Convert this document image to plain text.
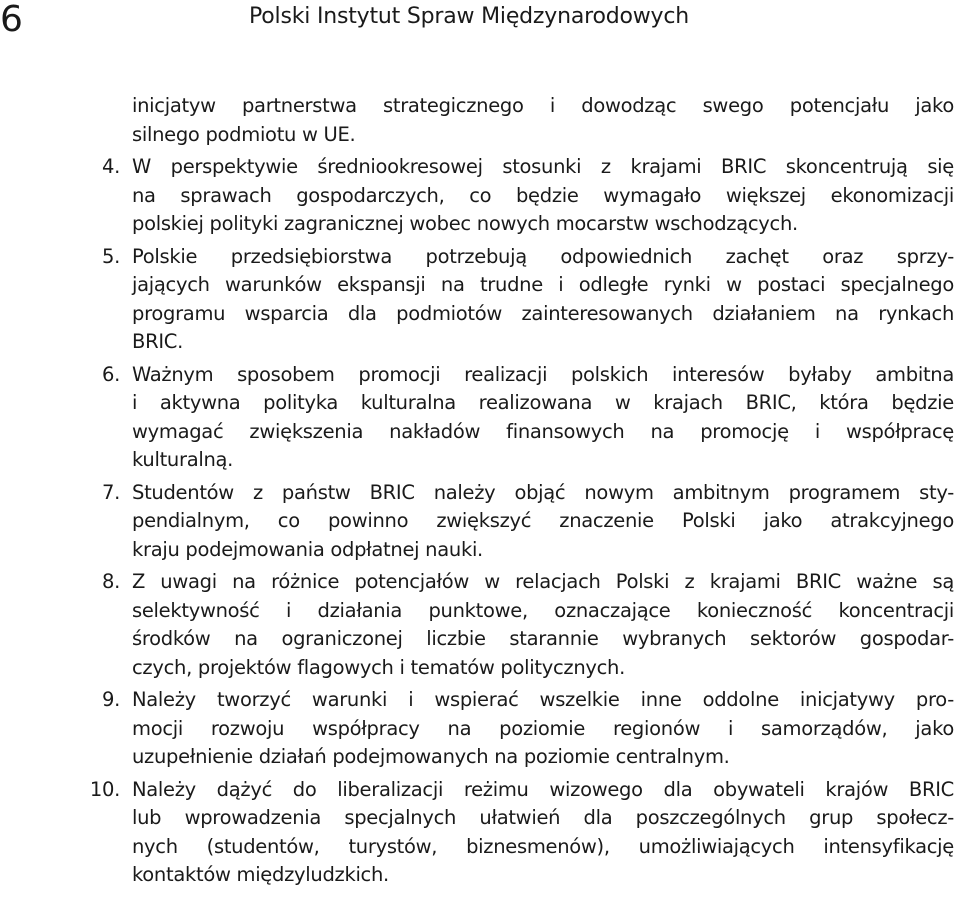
6	Polski Instytut Spraw Międzynarodowych
inicjatyw partnerstwa strategicznego i dowodząc swego potencjału jako
silnego podmiotu w UE.
4. W perspektywie średniookresowej stosunki z krajami BRIC skoncentrują się
na sprawach gospodarczych, co będzie wymagało większej ekonomizacji
polskiej polityki zagranicznej wobec nowych mocarstw wschodzących.
5. Polskie przedsiębiorstwa potrzebują odpowiednich zachęt oraz sprzy-
jających warunków ekspansji na trudne i odległe rynki w postaci specjalnego
programu wsparcia dla podmiotów zainteresowanych działaniem na rynkach
BRIC.
6. Ważnym sposobem promocji realizacji polskich interesów byłaby ambitna
i aktywna polityka kulturalna realizowana w krajach BRIC, która będzie
wymagać zwiększenia nakładów finansowych na promocję i współpracę
kulturalną.
7. Studentów z państw BRIC należy objąć nowym ambitnym programem sty-
pendialnym, co powinno zwiększyć znaczenie Polski jako atrakcyjnego
kraju podejmowania odpłatnej nauki.
8. Z uwagi na różnice potencjałów w relacjach Polski z krajami BRIC ważne są
selektywność i działania punktowe, oznaczające konieczność koncentracji
środków na ograniczonej liczbie starannie wybranych sektorów gospodar-
czych, projektów flagowych i tematów politycznych.
9. Należy tworzyć warunki i wspierać wszelkie inne oddolne inicjatywy pro-
mocji rozwoju współpracy na poziomie regionów i samorządów, jako
uzupełnienie działań podejmowanych na poziomie centralnym.
10. Należy dążyć do liberalizacji reżimu wizowego dla obywateli krajów BRIC
lub wprowadzenia specjalnych ułatwień dla poszczególnych grup społecz-
nych (studentów, turystów, biznesmenów), umożliwiających intensyfikację
kontaktów międzyludzkich.
